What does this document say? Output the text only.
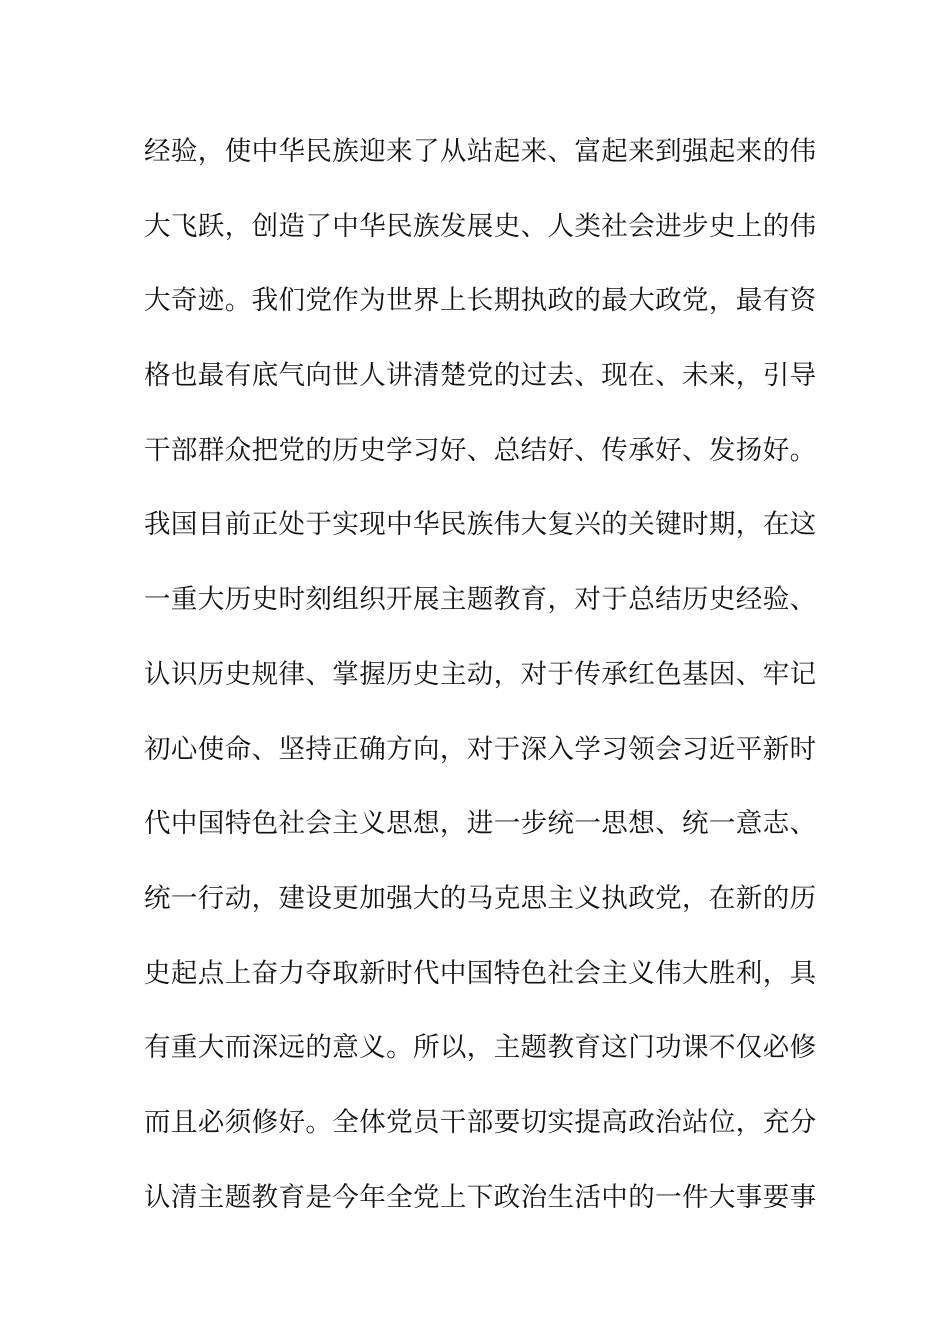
经验，使中华民族迎来了从站起来、富起来到强起来的伟
大飞跃，创造了中华民族发展史、人类社会进步史上的伟
大奇迹。我们党作为世界上长期执政的最大政党，最有资
格也最有底气向世人讲清楚党的过去、现在、未来，引导
干部群众把党的历史学习好、总结好、传承好、发扬好。
我国目前正处于实现中华民族伟大复兴的关键时期，在这
一重大历史时刻组织开展主题教育，对于总结历史经验、
认识历史规律、掌握历史主动，对于传承红色基因、牢记
初心使命、坚持正确方向，对于深入学习领会习近平新时
代中国特色社会主义思想，进一步统一思想、统一意志、
统一行动，建设更加强大的马克思主义执政党，在新的历
史起点上奋力夺取新时代中国特色社会主义伟大胜利，具
有重大而深远的意义。所以，主题教育这门功课不仅必修
而且必须修好。全体党员干部要切实提高政治站位，充分
认清主题教育是今年全党上下政治生活中的一件大事要事
